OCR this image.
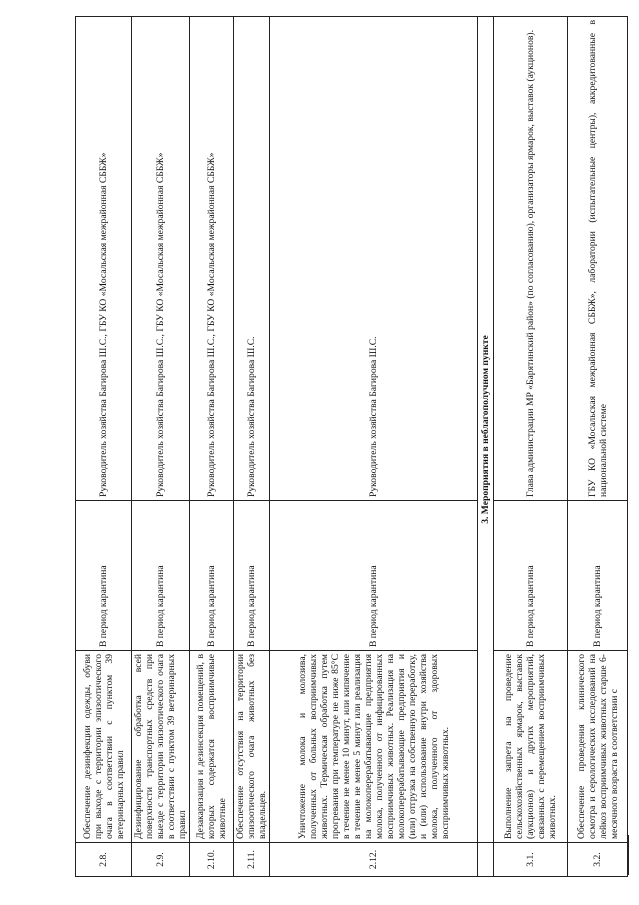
2.8.	Обеспечение дезинфекции одежды, обуви при выходе с территории эпизоотического очага в соответствии с пунктом 39 ветеринарных правил	В период карантина	Руководитель хозяйства Багирова Ш.С., ГБУ КО «Мосальская межрайонная СББЖ»
2.9.	Дезинфицирование обработка всей поверхности транспортных средств при выезде с территории эпизоотического очага в соответствии с пунктом 39 ветеринарных правил	В период карантина	Руководитель хозяйства Багирова Ш.С., ГБУ КО «Мосальская межрайонная СББЖ»
2.10.	Дезакаризация и дезинсекция помещений, в которых содержатся восприимчивые животные	В период карантина	Руководитель хозяйства Багирова Ш.С., ГБУ КО «Мосальская межрайонная СББЖ»
2.11.	Обеспечение отсутствия на территории эпизоотического очага животных без владельцев.	В период карантина	Руководитель хозяйства Багирова Ш.С.
2.12.	Уничтожение молока и молозива, полученных от больных восприимчивых животных. Термическая обработка путем прогревания при температуре не ниже 85°С в течение не менее 10 минут, или кипячение в течение не менее 5 минут или реализация на молокоперерабатывающие предприятия молока, полученного от инфицированных восприимчивых животных. Реализация на молокоперерабатывающие предприятия и (или) отгрузка на собственную переработку, и (или) использование внутри хозяйства молока, полученного от здоровых восприимчивых животных.	В период карантина	Руководитель хозяйства Багирова Ш.С.
	3. Мероприятия в неблагополучном пункте		
3.1.	Выполнение запрета на проведение сельскохозяйственных ярмарок, выставок (аукционов) и других мероприятий, связанных с перемещением восприимчивых животных.	В период карантина	Глава администрации МР «Барятинский район» (по согласованию), организаторы ярмарок, выставок (аукционов).
3.2.	Обеспечение проведения клинического осмотра и серологических исследований на лейкоз восприимчивых животных старше 6-месячного возраста в соответствии с	В период карантина	ГБУ КО «Мосальская межрайонная СББЖ», лаборатории (испытательные центры), аккредитованные в национальной системе
